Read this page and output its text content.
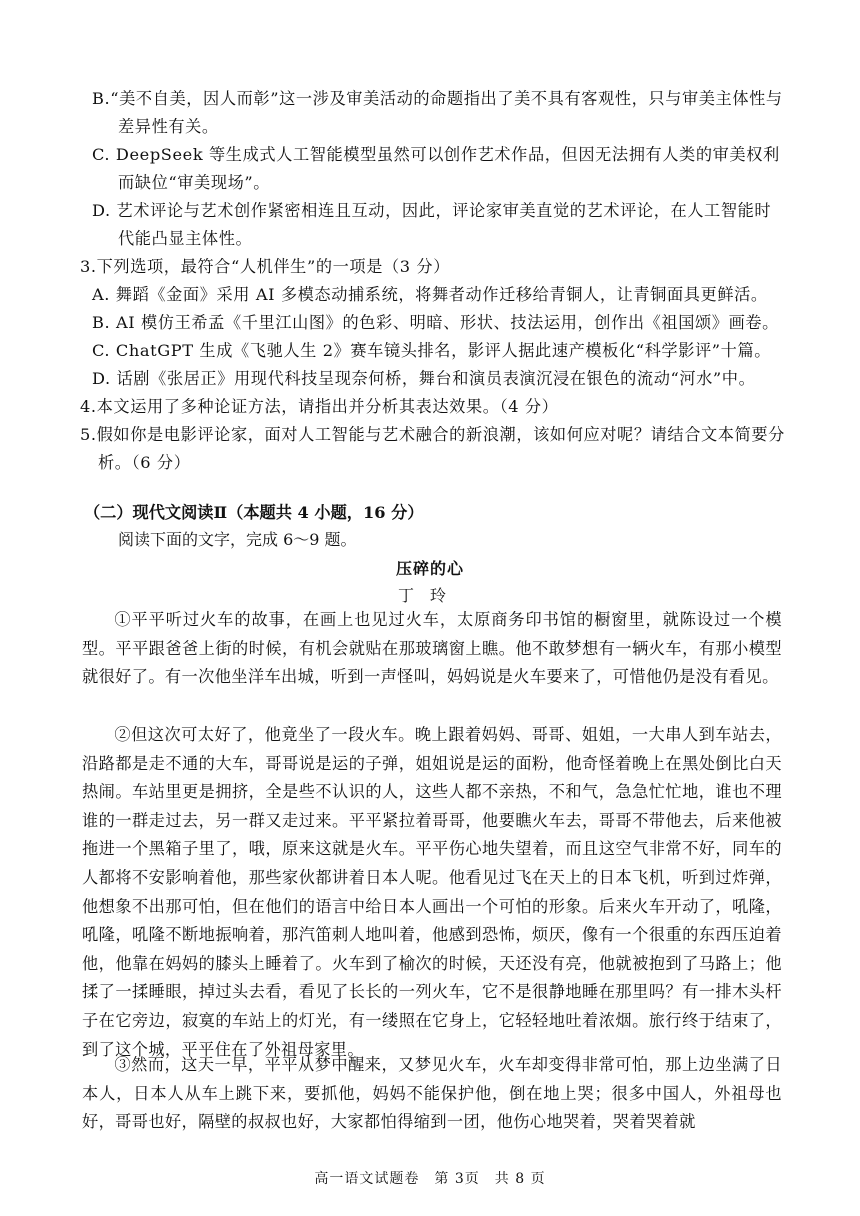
B.“美不自美，因人而彰”这一涉及审美活动的命题指出了美不具有客观性，只与审美主体性与差异性有关。
C. DeepSeek 等生成式人工智能模型虽然可以创作艺术作品，但因无法拥有人类的审美权利而缺位“审美现场”。
D. 艺术评论与艺术创作紧密相连且互动，因此，评论家审美直觉的艺术评论，在人工智能时代能凸显主体性。
3.下列选项，最符合“人机伴生”的一项是（3 分）
A. 舞蹈《金面》采用 AI 多模态动捕系统，将舞者动作迁移给青铜人，让青铜面具更鲜活。
B. AI 模仿王希孟《千里江山图》的色彩、明暗、形状、技法运用，创作出《祖国颂》画卷。
C. ChatGPT 生成《飞驰人生 2》赛车镜头排名，影评人据此速产模板化“科学影评”十篇。
D. 话剧《张居正》用现代科技呈现奈何桥，舞台和演员表演沉浸在银色的流动“河水”中。
4.本文运用了多种论证方法，请指出并分析其表达效果。（4 分）
5.假如你是电影评论家，面对人工智能与艺术融合的新浪潮，该如何应对呢？请结合文本简要分析。（6 分）
（二）现代文阅读Ⅱ（本题共 4 小题，16 分）
阅读下面的文字，完成 6～9 题。
压碎的心
丁玲
①平平听过火车的故事，在画上也见过火车，太原商务印书馆的橱窗里，就陈设过一个模型。平平跟爸爸上街的时候，有机会就贴在那玻璃窗上瞧。他不敢梦想有一辆火车，有那小模型就很好了。有一次他坐洋车出城，听到一声怪叫，妈妈说是火车要来了，可惜他仍是没有看见。
②但这次可太好了，他竟坐了一段火车。晚上跟着妈妈、哥哥、姐姐，一大串人到车站去，沿路都是走不通的大车，哥哥说是运的子弹，姐姐说是运的面粉，他奇怪着晚上在黑处倒比白天热闹。车站里更是拥挤，全是些不认识的人，这些人都不亲热，不和气，急急忙忙地，谁也不理谁的一群走过去，另一群又走过来。平平紧拉着哥哥，他要瞧火车去，哥哥不带他去，后来他被拖进一个黑箱子里了，哦，原来这就是火车。平平伤心地失望着，而且这空气非常不好，同车的人都将不安影响着他，那些家伙都讲着日本人呢。他看见过飞在天上的日本飞机，听到过炸弹，他想象不出那可怕，但在他们的语言中给日本人画出一个可怕的形象。后来火车开动了，吼隆，吼隆，吼隆不断地振响着，那汽笛刺人地叫着，他感到恐怖，烦厌，像有一个很重的东西压迫着他，他靠在妈妈的膝头上睡着了。火车到了榆次的时候，天还没有亮，他就被抱到了马路上；他揉了一揉睡眼，掉过头去看，看见了长长的一列火车，它不是很静地睡在那里吗？有一排木头杆子在它旁边，寂寞的车站上的灯光，有一缕照在它身上，它轻轻地吐着浓烟。旅行终于结束了，到了这个城，平平住在了外祖母家里。
③然而，这天一早，平平从梦中醒来，又梦见火车，火车却变得非常可怕，那上边坐满了日本人，日本人从车上跳下来，要抓他，妈妈不能保护他，倒在地上哭；很多中国人，外祖母也好，哥哥也好，隔壁的叔叔也好，大家都怕得缩到一团，他伤心地哭着，哭着哭着就
高一语文试题卷　第 3页　共 8 页
